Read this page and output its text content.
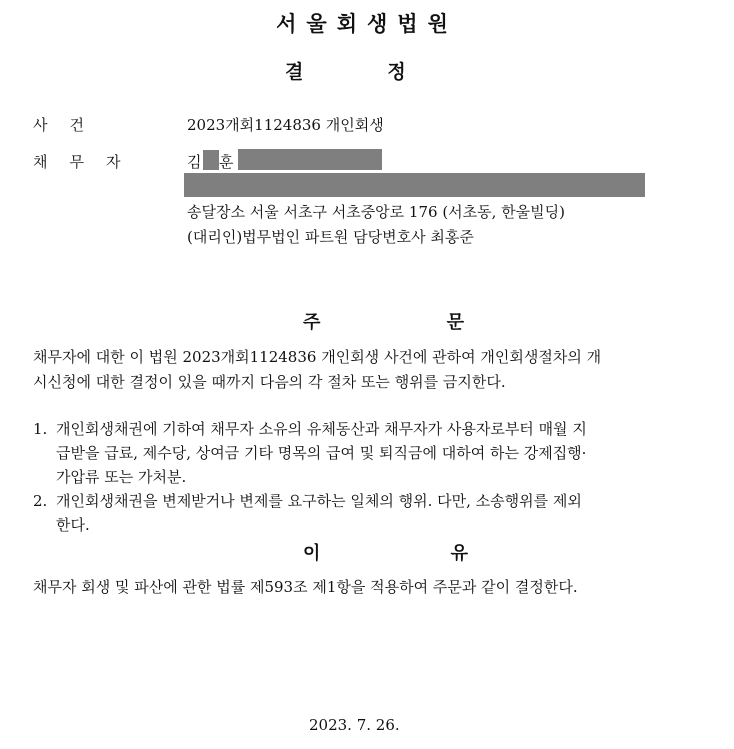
서울회생법원
결정
사건	2023개회1124836 개인회생
채무자	김 훈
송달장소 서울 서초구 서초중앙로 176 (서초동, 한울빌딩)
(대리인)법무법인 파트원 담당변호사 최홍준
주 문
채무자에 대한 이 법원 2023개회1124836 개인회생 사건에 관하여 개인회생절차의 개
시신청에 대한 결정이 있을 때까지 다음의 각 절차 또는 행위를 금지한다.
1. 개인회생채권에 기하여 채무자 소유의 유체동산과 채무자가 사용자로부터 매월 지
급받을 급료, 제수당, 상여금 기타 명목의 급여 및 퇴직금에 대하여 하는 강제집행·
가압류 또는 가처분.
2. 개인회생채권을 변제받거나 변제를 요구하는 일체의 행위. 다만, 소송행위를 제외
한다.
이 유
채무자 회생 및 파산에 관한 법률 제593조 제1항을 적용하여 주문과 같이 결정한다.
2023. 7. 26.
